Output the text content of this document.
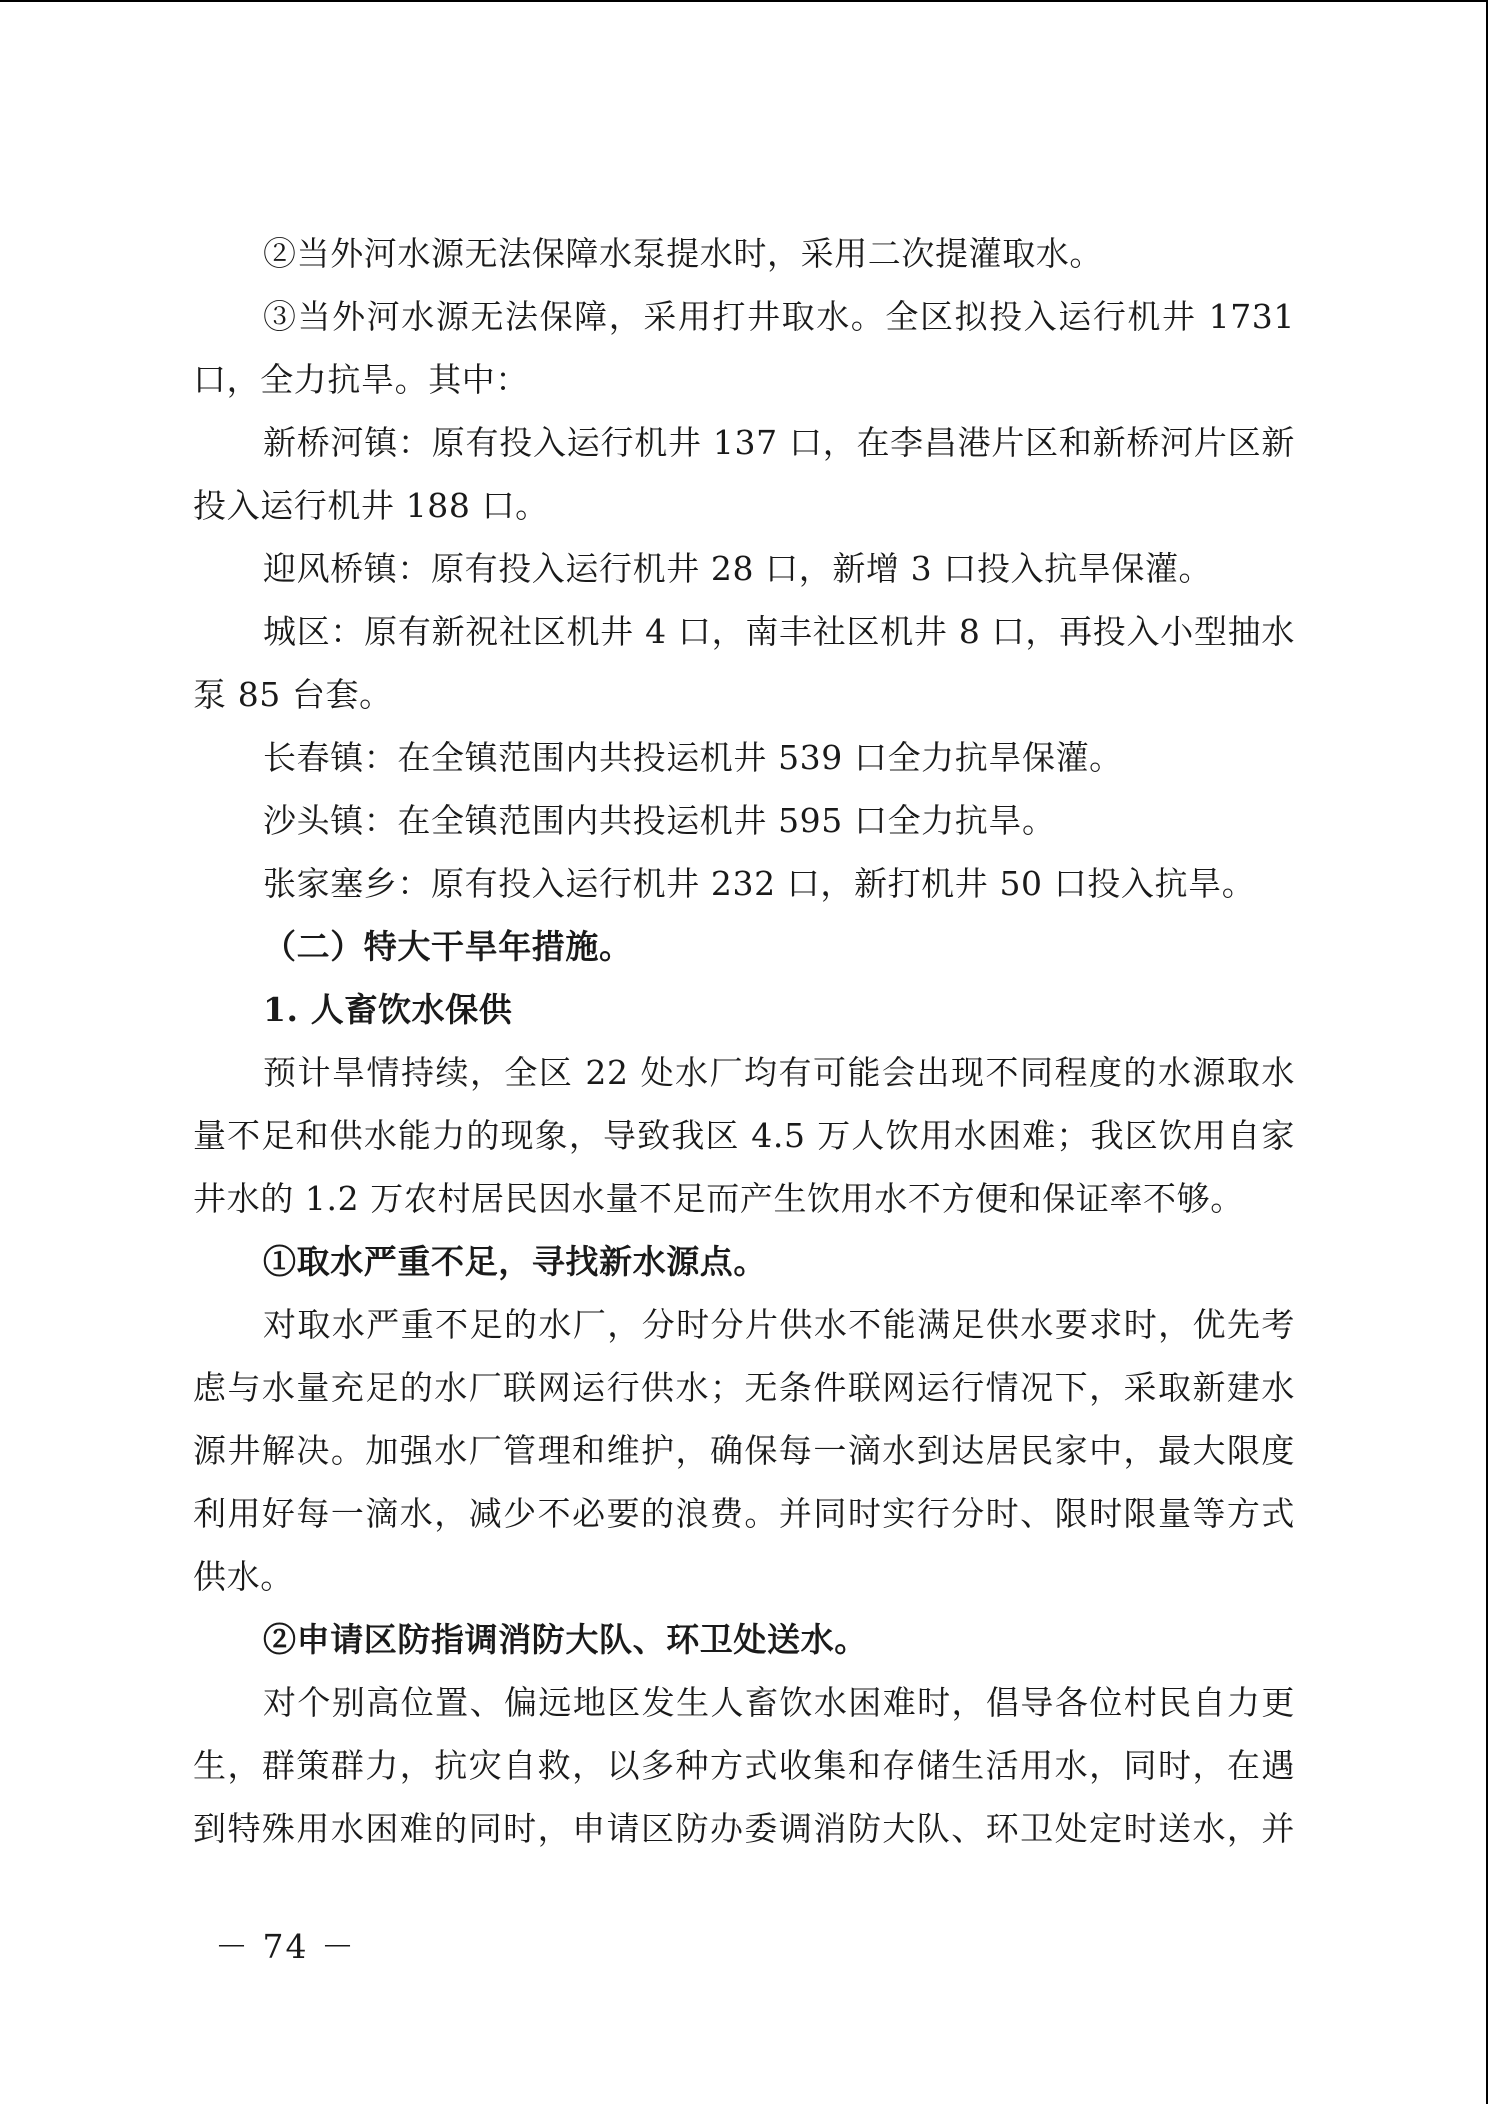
②当外河水源无法保障水泵提水时，采用二次提灌取水。
③当外河水源无法保障，采用打井取水。全区拟投入运行机井 1731
口，全力抗旱。其中：
新桥河镇：原有投入运行机井 137 口，在李昌港片区和新桥河片区新
投入运行机井 188 口。
迎风桥镇：原有投入运行机井 28 口，新增 3 口投入抗旱保灌。
城区：原有新祝社区机井 4 口，南丰社区机井 8 口，再投入小型抽水
泵 85 台套。
长春镇：在全镇范围内共投运机井 539 口全力抗旱保灌。
沙头镇：在全镇范围内共投运机井 595 口全力抗旱。
张家塞乡：原有投入运行机井 232 口，新打机井 50 口投入抗旱。
（二）特大干旱年措施。
1. 人畜饮水保供
预计旱情持续，全区 22 处水厂均有可能会出现不同程度的水源取水
量不足和供水能力的现象，导致我区 4.5 万人饮用水困难；我区饮用自家
井水的 1.2 万农村居民因水量不足而产生饮用水不方便和保证率不够。
①取水严重不足，寻找新水源点。
对取水严重不足的水厂，分时分片供水不能满足供水要求时，优先考
虑与水量充足的水厂联网运行供水；无条件联网运行情况下，采取新建水
源井解决。加强水厂管理和维护，确保每一滴水到达居民家中，最大限度
利用好每一滴水，减少不必要的浪费。并同时实行分时、限时限量等方式
供水。
②申请区防指调消防大队、环卫处送水。
对个别高位置、偏远地区发生人畜饮水困难时，倡导各位村民自力更
生，群策群力，抗灾自救，以多种方式收集和存储生活用水，同时，在遇
到特殊用水困难的同时，申请区防办委调消防大队、环卫处定时送水，并
－ 74 －
